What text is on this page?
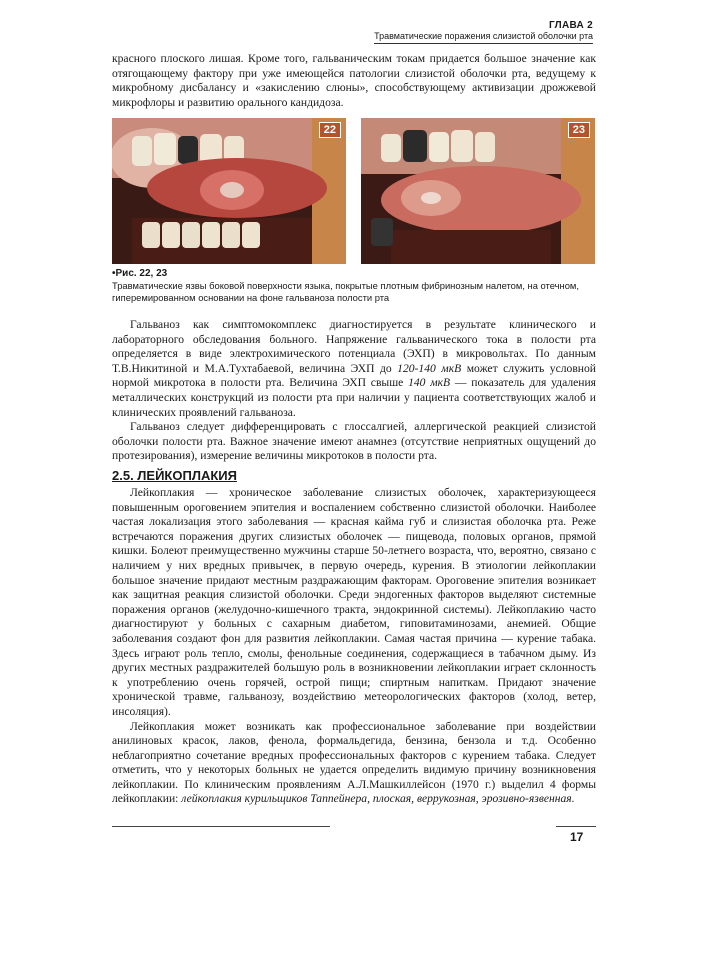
ГЛАВА 2
Травматические поражения слизистой оболочки рта

красного плоского лишая. Кроме того, гальваническим токам придается большое значение как отягощающему фактору при уже имеющейся патологии слизистой оболочки рта, ведущему к микробному дисбалансу и «закислению слюны», способствующему активизации дрожжевой микрофлоры и развитию орального кандидоза.

22	23
•Рис. 22, 23
Травматические язвы боковой поверхности языка, покрытые плотным фибринозным налетом, на отечном, гиперемированном основании на фоне гальваноза полости рта

Гальваноз как симптомокомплекс диагностируется в результате клинического и лабораторного обследования больного. Напряжение гальванического тока в полости рта определяется в виде электрохимического потенциала (ЭХП) в микровольтах. По данным Т.В.Никитиной и М.А.Тухтабаевой, величина ЭХП до 120-140 мкВ может служить условной нормой микротока в полости рта. Величина ЭХП свыше 140 мкВ — показатель для удаления металлических конструкций из полости рта при наличии у пациента соответствующих жалоб и клинических проявлений гальваноза.

Гальваноз следует дифференцировать с глоссалгией, аллергической реакцией слизистой оболочки полости рта. Важное значение имеют анамнез (отсутствие неприятных ощущений до протезирования), измерение величины микротоков в полости рта.

2.5. ЛЕЙКОПЛАКИЯ

Лейкоплакия — хроническое заболевание слизистых оболочек, характеризующееся повышенным ороговением эпителия и воспалением собственно слизистой оболочки. Наиболее частая локализация этого заболевания — красная кайма губ и слизистая оболочка рта. Реже встречаются поражения других слизистых оболочек — пищевода, половых органов, прямой кишки. Болеют преимущественно мужчины старше 50-летнего возраста, что, вероятно, связано с наличием у них вредных привычек, в первую очередь, курения. В этиологии лейкоплакии большое значение придают местным раздражающим факторам. Ороговение эпителия возникает как защитная реакция слизистой оболочки. Среди эндогенных факторов выделяют системные поражения органов (желудочно-кишечного тракта, эндокринной системы). Лейкоплакию часто диагностируют у больных с сахарным диабетом, гиповитаминозами, анемией. Общие заболевания создают фон для развития лейкоплакии. Самая частая причина — курение табака. Здесь играют роль тепло, смолы, фенольные соединения, содержащиеся в табачном дыму. Из других местных раздражителей большую роль в возникновении лейкоплакии играет склонность к употреблению очень горячей, острой пищи; спиртным напиткам. Придают значение хронической травме, гальванозу, воздействию метеорологических факторов (холод, ветер, инсоляция).

Лейкоплакия может возникать как профессиональное заболевание при воздействии анилиновых красок, лаков, фенола, формальдегида, бензина, бензола и т.д. Особенно неблагоприятно сочетание вредных профессиональных факторов с курением табака. Следует отметить, что у некоторых больных не удается определить видимую причину возникновения лейкоплакии. По клиническим проявлениям А.Л.Машкиллейсон (1970 г.) выделил 4 формы лейкоплакии: лейкоплакия курильщиков Таппейнера, плоская, веррукозная, эрозивно-язвенная.

17
